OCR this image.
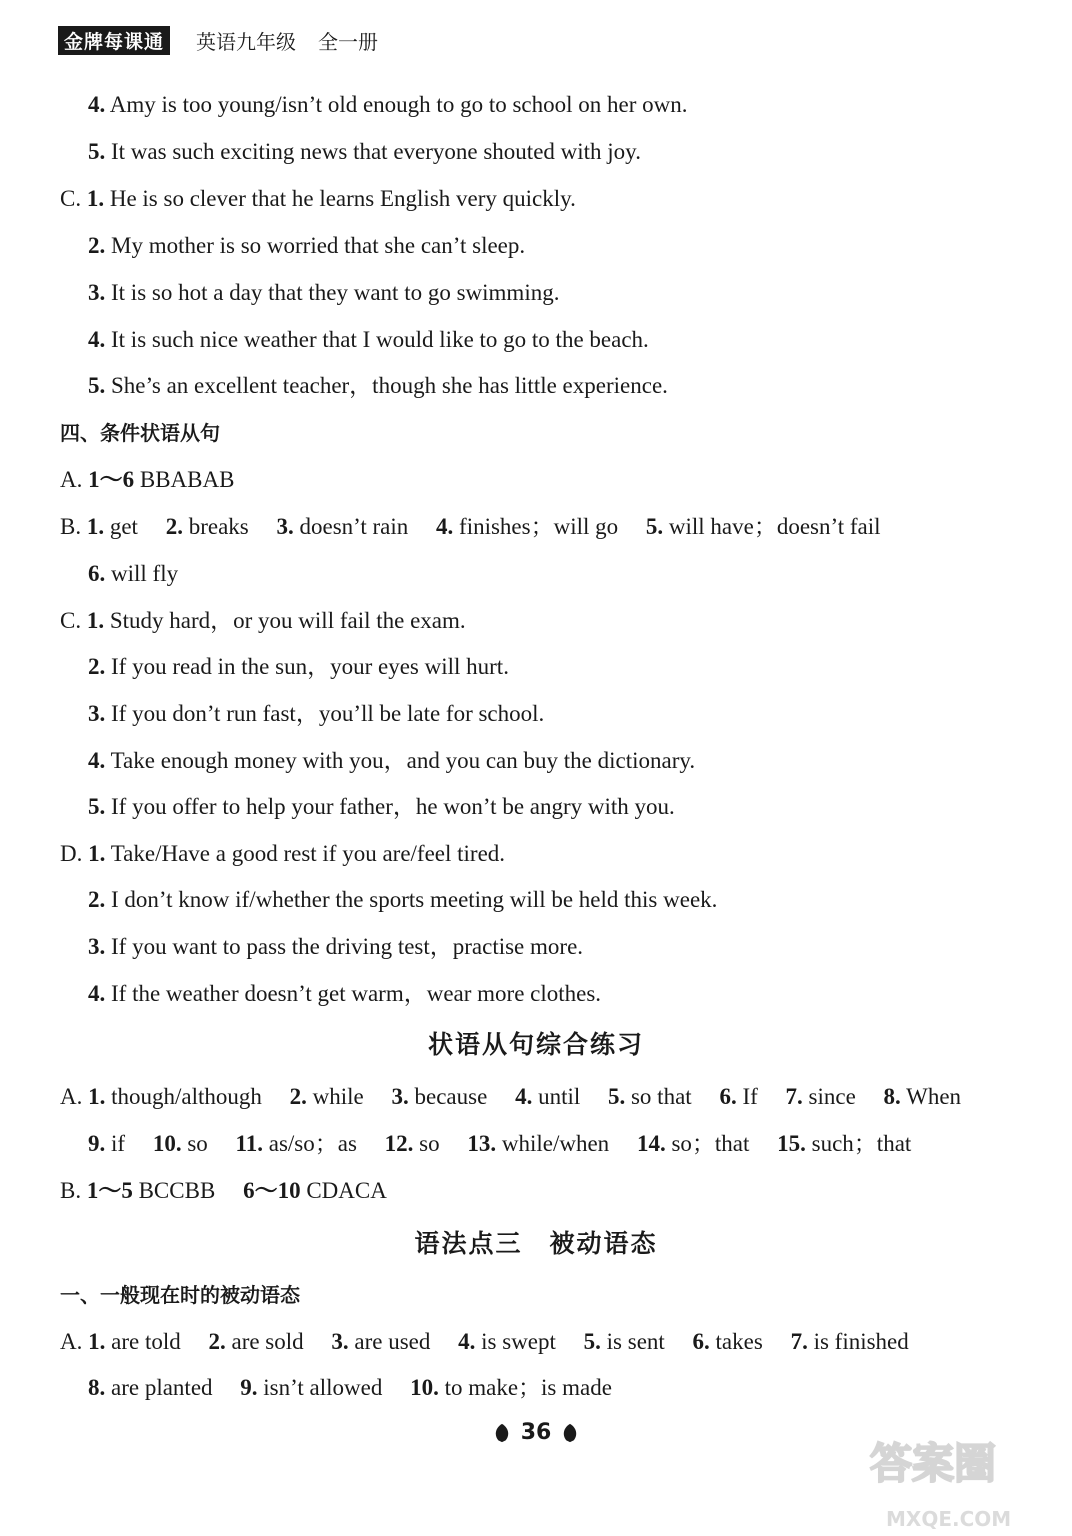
金牌每课通	英语九年级 全一册
4. Amy is too young/isn’t old enough to go to school on her own.
5. It was such exciting news that everyone shouted with joy.
C. 1. He is so clever that he learns English very quickly.
2. My mother is so worried that she can’t sleep.
3. It is so hot a day that they want to go swimming.
4. It is such nice weather that I would like to go to the beach.
5. She’s an excellent teacher，though she has little experience.
四、条件状语从句
A. 1～6 BBABAB
B. 1. get 2. breaks 3. doesn’t rain 4. finishes；will go 5. will have；doesn’t fail
6. will fly
C. 1. Study hard，or you will fail the exam.
2. If you read in the sun，your eyes will hurt.
3. If you don’t run fast，you’ll be late for school.
4. Take enough money with you，and you can buy the dictionary.
5. If you offer to help your father，he won’t be angry with you.
D. 1. Take/Have a good rest if you are/feel tired.
2. I don’t know if/whether the sports meeting will be held this week.
3. If you want to pass the driving test，practise more.
4. If the weather doesn’t get warm，wear more clothes.
状语从句综合练习
A. 1. though/although 2. while 3. because 4. until 5. so that 6. If 7. since 8. When
9. if 10. so 11. as/so；as 12. so 13. while/when 14. so；that 15. such；that
B. 1～5 BCCBB 6～10 CDACA
语法点三　被动语态
一、一般现在时的被动语态
A. 1. are told 2. are sold 3. are used 4. is swept 5. is sent 6. takes 7. is finished
8. are planted 9. isn’t allowed 10. to make；is made
36
答案圈
MXQE.COM
